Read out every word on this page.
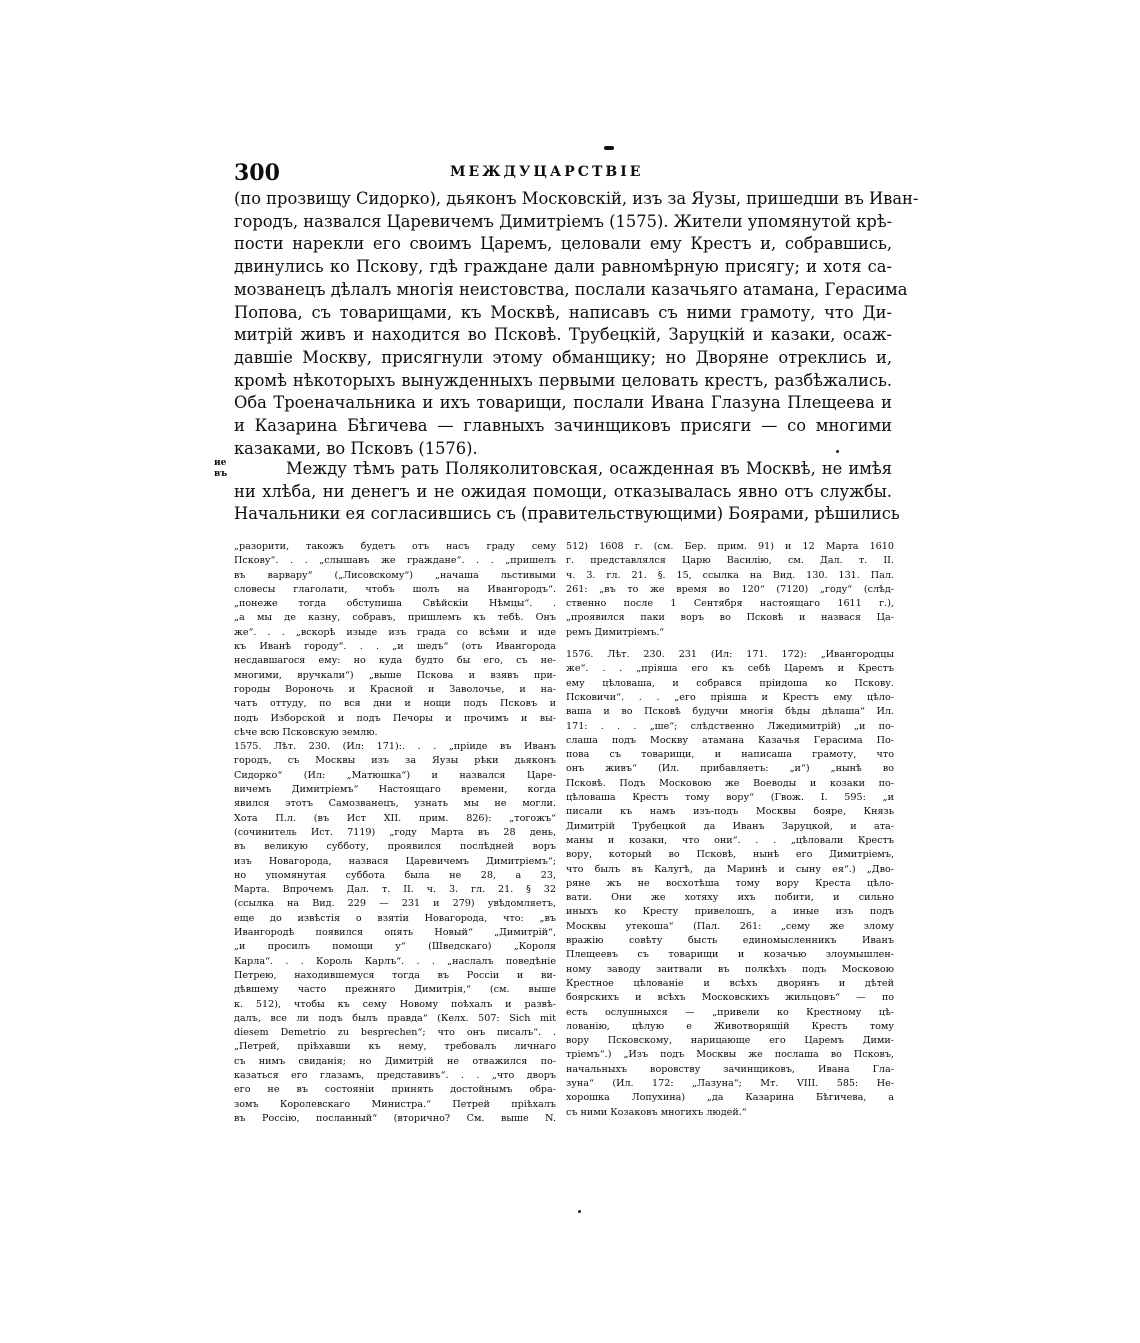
300	МЕЖДУЦАРСТВІЕ
(по прозвищу Сидорко), дьяконъ Московскій, изъ за Яузы, пришедши въ Иван-
городъ, назвался Царевичемъ Димитріемъ (1575). Жители упомянутой крѣ-
пости нарекли его своимъ Царемъ, целовали ему Крестъ и, собравшись,
двинулись ко Пскову, гдѣ граждане дали равномѣрную присягу; и хотя са-
мозванецъ дѣлалъ многія неистовства, послали казачьяго атамана, Герасима
Попова, съ товарищами, къ Москвѣ, написавъ съ ними грамоту, что Ди-
митрій живъ и находится во Псковѣ. Трубецкій, Заруцкій и казаки, осаж-
давшіе Москву, присягнули этому обманщику; но Дворяне отреклись и,
кромѣ нѣкоторыхъ вынужденныхъ первыми целовать крестъ, разбѣжались.
Оба Троеначальника и ихъ товарищи, послали Ивана Глазуна Плещеева и
и Казарина Бѣгичева — главныхъ зачинщиковъ присяги — со многими
казаками, во Псковъ (1576).
ие въ	Между тѣмъ рать Поляколитовская, осажденная въ Москвѣ, не имѣя
ни хлѣба, ни денегъ и не ожидая помощи, отказывалась явно отъ службы.
Начальники ея согласившись съ (правительствующими) Боярами, рѣшились
„разорити, такожъ будетъ отъ насъ граду сему
Пскову“. . . „слышавъ же граждане“. . . „пришелъ
въ варвару“ („Лисовскому“) „начаша льстивыми
словесы глаголати, чтобъ шолъ на Ивангородъ“.
„понеже тогда обступиша Свѣйскіи Нѣмцы“. .
„а мы де казну, собравъ, пришлемъ къ тебѣ. Онъ
же“. . . „вскорѣ изыде изъ града со всѣми и иде
къ Иванѣ городу“. . . „и шедъ“ (отъ Ивангорода
несдавшагося ему: но куда будто бы его, съ не-
многими, вручкали“) „выше Пскова и взявъ при-
городы Вороночь и Красной и Заволочье, и на-
чатъ оттуду, по вся дни и нощи подъ Псковъ и
подъ Изборской и подъ Печоры и прочимъ и вы-
сѣче всю Псковскую землю.
1575. Лѣт. 230. (Ил: 171):. . . „пріиде въ Иванъ
городъ, съ Москвы изъ за Яузы рѣки дьяконъ
Сидорко“ (Ил: „Матюшка“) и назвался Царе-
вичемъ Димитріемъ“ Настоящаго времени, когда
явился этотъ Самозванецъ, узнать мы не могли.
Хота П.л. (въ Ист XII. прим. 826): „тогожъ“
(сочинитель Ист. 7119) „году Марта въ 28 день,
въ великую субботу, проявился послѣдней воръ
изъ Новагорода, назвася Царевичемъ Димитріемъ“;
но упомянутая суббота была не 28, а 23,
Марта. Впрочемъ Дал. т. II. ч. 3. гл. 21. § 32
(ссылка на Вид. 229 — 231 и 279) увѣдомляетъ,
еще до извѣстія о взятіи Новагорода, что: „въ
Ивангородѣ появился опять Новый“ „Димитрій“,
„и просилъ помощи у“ (Шведскаго) „Короля
Карла“. . . Король Карлъ“. . . „наслалъ поведѣніе
Петрею, находившемуся тогда въ Россіи и ви-
дѣвшему часто прежняго Димитрія,“ (см. выше
к. 512), чтобы къ сему Новому поѣхалъ и развѣ-
далъ, все ли подъ былъ правда“ (Келх. 507: Sich mit
diesem Demetrio zu besprechen“; что онъ писалъ“. .
„Петрей, пріѣхавши къ нему, требовалъ личнаго
съ нимъ свиданія; но Димитрій не отважился по-
казаться его глазамъ, представивъ“. . . „что дворъ
его не въ состояніи принять достойнымъ обра-
зомъ Королевскаго Министра.“ Петрей пріѣхалъ
въ Россію, посланный“ (вторично? См. выше N.
512) 1608 г. (см. Бер. прим. 91) и 12 Марта 1610
г. представлялся Царю Василію, см. Дал. т. II.
ч. 3. гл. 21. §. 15, ссылка на Вид. 130. 131. Пал.
261: „въ то же время во 120“ (7120) „году“ (слѣд-
ственно после 1 Сентября настоящаго 1611 г.),
„проявился паки воръ во Псковѣ и назвася Ца-
ремъ Димитріемъ.“
1576. Лѣт. 230. 231 (Ил: 171. 172): „Ивангородцы
же“. . . „пріяша его къ себѣ Царемъ и Крестъ
ему цѣловаша, и собрався пріидоша ко Пскову.
Псковичи“. . . „его пріяша и Крестъ ему цѣло-
ваша и во Псковѣ будучи многія бѣды дѣлаша“ Ил.
171: . . . „ше“; слѣдственно Лжедимитрій) „и по-
слаша подъ Москву атамана Казачья Герасима По-
пова съ товарищи, и написаша грамоту, что
онъ живъ“ (Ил. прибавляетъ: „и“) „нынѣ во
Псковѣ. Подъ Московою же Воеводы и козаки по-
цѣловаша Крестъ тому вору“ (Гвож. I. 595: „и
писали къ намъ изъ-подъ Москвы бояре, Князь
Димитрій Трубецкой да Иванъ Заруцкой, и ата-
маны и козаки, что они“. . . „цѣловали Крестъ
вору, который во Псковѣ, нынѣ его Димитріемъ,
что былъ въ Калугѣ, да Маринѣ и сыну ея“.) „Дво-
ряне жъ не восхотѣша тому вору Креста цѣло-
вати. Они же хотяху ихъ побити, и сильно
иныхъ ко Кресту привелошъ, а иные изъ подъ
Москвы утекоша“ (Пал. 261: „сему же злому
вражію совѣту бысть единомысленникъ Иванъ
Плещеевъ съ товарищи и козачью злоумышлен-
ному заводу заитвали въ полкѣхъ подъ Московою
Крестное цѣлованіе и всѣхъ дворянъ и дѣтей
боярскихъ и всѣхъ Московскихъ жильцовъ“ — по
есть ослушныхся — „привели ко Крестному цѣ-
лованію, цѣлую е Животворящій Крестъ тому
вору Псковскому, нарицающе его Царемъ Дими-
тріемъ“.) „Изъ подъ Москвы же послаша во Псковъ,
начальныхъ воровству зачинщиковъ, Ивана Гла-
зуна“ (Ил. 172: „Лазуна“; Мт. VIII. 585: Не-
хорошка Лопухина) „да Казарина Бѣгичева, а
съ ними Козаковъ многихъ людей.“
